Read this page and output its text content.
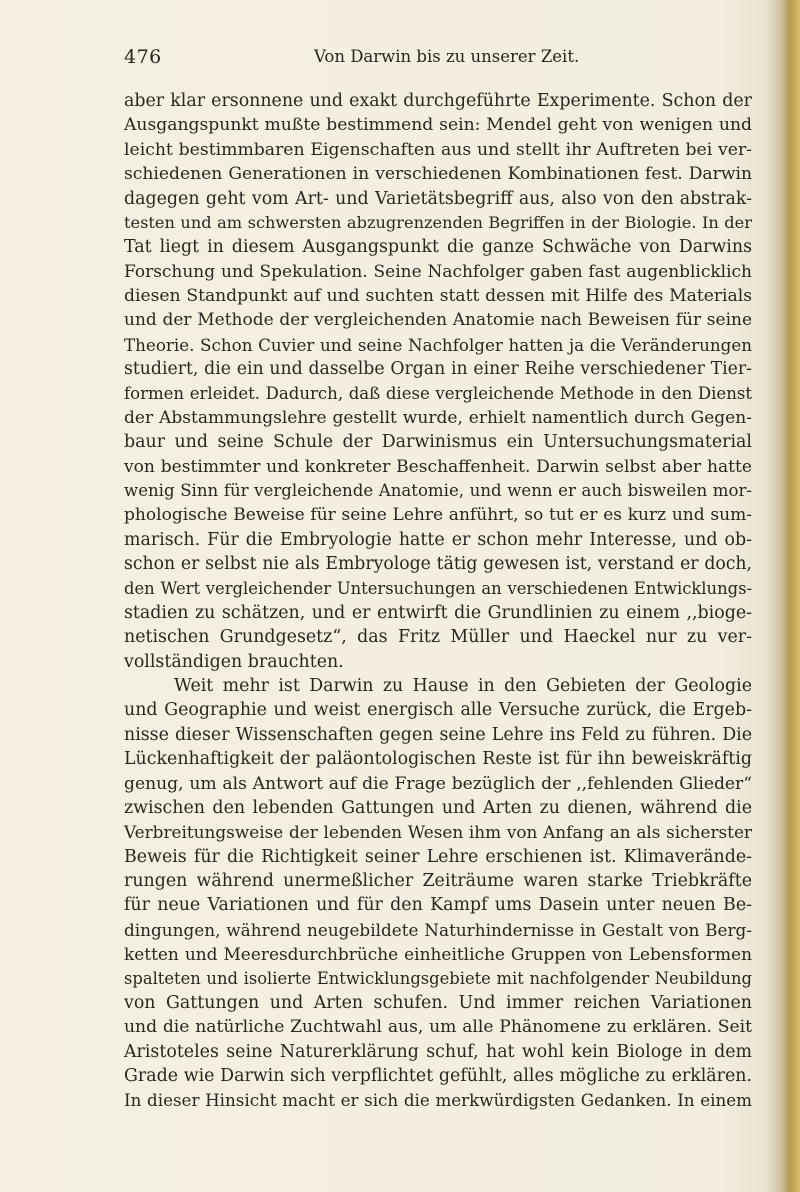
476	Von Darwin bis zu unserer Zeit.
aber klar ersonnene und exakt durchgeführte Experimente. Schon der
Ausgangspunkt mußte bestimmend sein: Mendel geht von wenigen und
leicht bestimmbaren Eigenschaften aus und stellt ihr Auftreten bei ver-
schiedenen Generationen in verschiedenen Kombinationen fest. Darwin
dagegen geht vom Art- und Varietätsbegriff aus, also von den abstrak-
testen und am schwersten abzugrenzenden Begriffen in der Biologie. In der
Tat liegt in diesem Ausgangspunkt die ganze Schwäche von Darwins
Forschung und Spekulation. Seine Nachfolger gaben fast augenblicklich
diesen Standpunkt auf und suchten statt dessen mit Hilfe des Materials
und der Methode der vergleichenden Anatomie nach Beweisen für seine
Theorie. Schon Cuvier und seine Nachfolger hatten ja die Veränderungen
studiert, die ein und dasselbe Organ in einer Reihe verschiedener Tier-
formen erleidet. Dadurch, daß diese vergleichende Methode in den Dienst
der Abstammungslehre gestellt wurde, erhielt namentlich durch Gegen-
baur und seine Schule der Darwinismus ein Untersuchungsmaterial
von bestimmter und konkreter Beschaffenheit. Darwin selbst aber hatte
wenig Sinn für vergleichende Anatomie, und wenn er auch bisweilen mor-
phologische Beweise für seine Lehre anführt, so tut er es kurz und sum-
marisch. Für die Embryologie hatte er schon mehr Interesse, und ob-
schon er selbst nie als Embryologe tätig gewesen ist, verstand er doch,
den Wert vergleichender Untersuchungen an verschiedenen Entwicklungs-
stadien zu schätzen, und er entwirft die Grundlinien zu einem ,,bioge-
netischen Grundgesetz“, das Fritz Müller und Haeckel nur zu ver-
vollständigen brauchten.
Weit mehr ist Darwin zu Hause in den Gebieten der Geologie
und Geographie und weist energisch alle Versuche zurück, die Ergeb-
nisse dieser Wissenschaften gegen seine Lehre ins Feld zu führen. Die
Lückenhaftigkeit der paläontologischen Reste ist für ihn beweiskräftig
genug, um als Antwort auf die Frage bezüglich der ,,fehlenden Glieder“
zwischen den lebenden Gattungen und Arten zu dienen, während die
Verbreitungsweise der lebenden Wesen ihm von Anfang an als sicherster
Beweis für die Richtigkeit seiner Lehre erschienen ist. Klimaverände-
rungen während unermeßlicher Zeiträume waren starke Triebkräfte
für neue Variationen und für den Kampf ums Dasein unter neuen Be-
dingungen, während neugebildete Naturhindernisse in Gestalt von Berg-
ketten und Meeresdurchbrüche einheitliche Gruppen von Lebensformen
spalteten und isolierte Entwicklungsgebiete mit nachfolgender Neubildung
von Gattungen und Arten schufen. Und immer reichen Variationen
und die natürliche Zuchtwahl aus, um alle Phänomene zu erklären. Seit
Aristoteles seine Naturerklärung schuf, hat wohl kein Biologe in dem
Grade wie Darwin sich verpflichtet gefühlt, alles mögliche zu erklären.
In dieser Hinsicht macht er sich die merkwürdigsten Gedanken. In einem
